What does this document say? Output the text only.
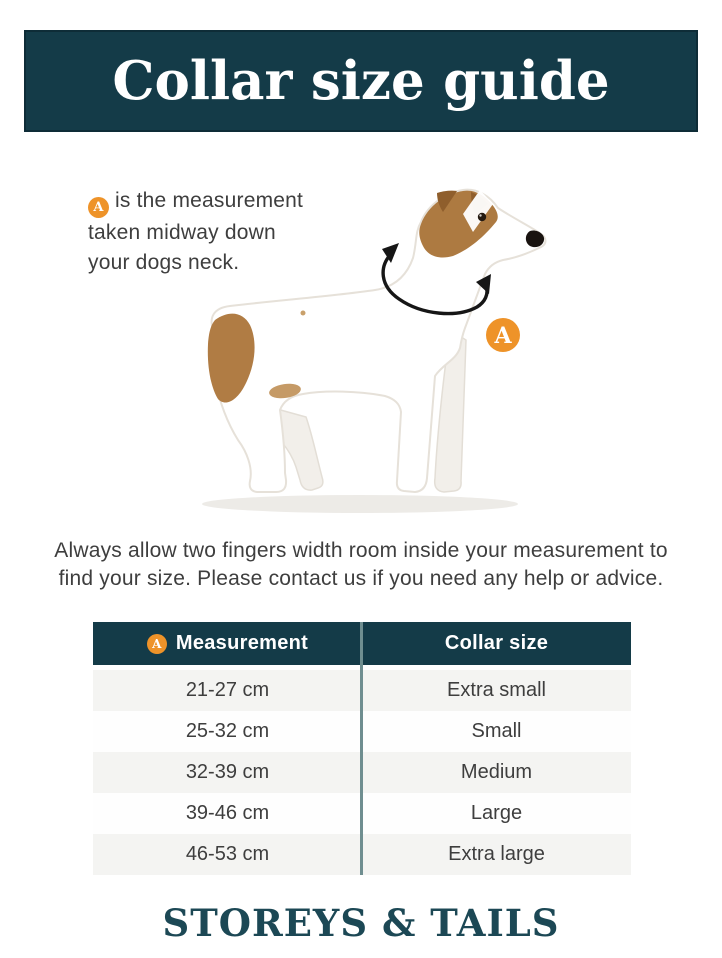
Collar size guide
A is the measurement
taken midway down
your dogs neck.
A
Always allow two fingers width room inside your measurement to
find your size. Please contact us if you need any help or advice.
A Measurement	Collar size
21-27 cm	Extra small
25-32 cm	Small
32-39 cm	Medium
39-46 cm	Large
46-53 cm	Extra large
STOREYS & TAILS
